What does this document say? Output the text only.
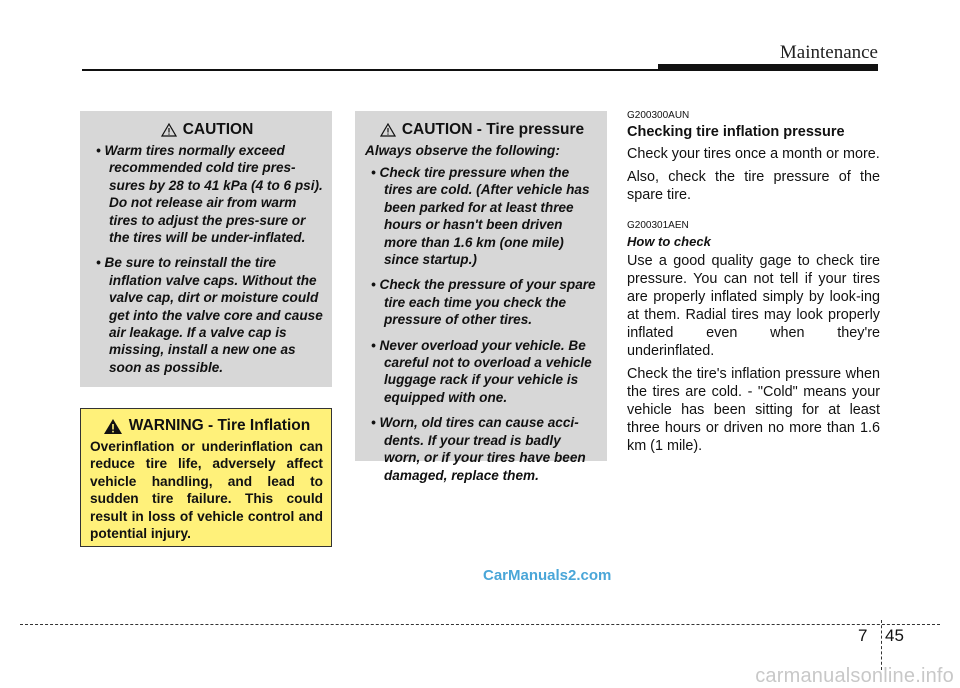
Maintenance
CAUTION
• Warm tires normally exceed recommended cold tire pres-sures by 28 to 41 kPa (4 to 6 psi). Do not release air from warm tires to adjust the pres-sure or the tires will be under-inflated.
• Be sure to reinstall the tire inflation valve caps. Without the valve cap, dirt or moisture could get into the valve core and cause air leakage. If a valve cap is missing, install a new one as soon as possible.
WARNING - Tire Inflation
Overinflation or underinflation can reduce tire life, adversely affect vehicle handling, and lead to sudden tire failure. This could result in loss of vehicle control and potential injury.
CAUTION - Tire pressure
Always observe the following:
• Check tire pressure when the tires are cold. (After vehicle has been parked for at least three hours or hasn't been driven more than 1.6 km (one mile) since startup.)
• Check the pressure of your spare tire each time you check the pressure of other tires.
• Never overload your vehicle. Be careful not to overload a vehicle luggage rack if your vehicle is equipped with one.
• Worn, old tires can cause acci-dents. If your tread is badly worn, or if your tires have been damaged, replace them.
G200300AUN
Checking tire inflation pressure

Check your tires once a month or more.

Also, check the tire pressure of the spare tire.

G200301AEN
How to check

Use a good quality gage to check tire pressure. You can not tell if your tires are properly inflated simply by look-ing at them. Radial tires may look properly inflated even when they're underinflated.

Check the tire's inflation pressure when the tires are cold. - "Cold" means your vehicle has been sitting for at least three hours or driven no more than 1.6 km (1 mile).

CarManuals2.com
7 45
carmanualsonline.info
